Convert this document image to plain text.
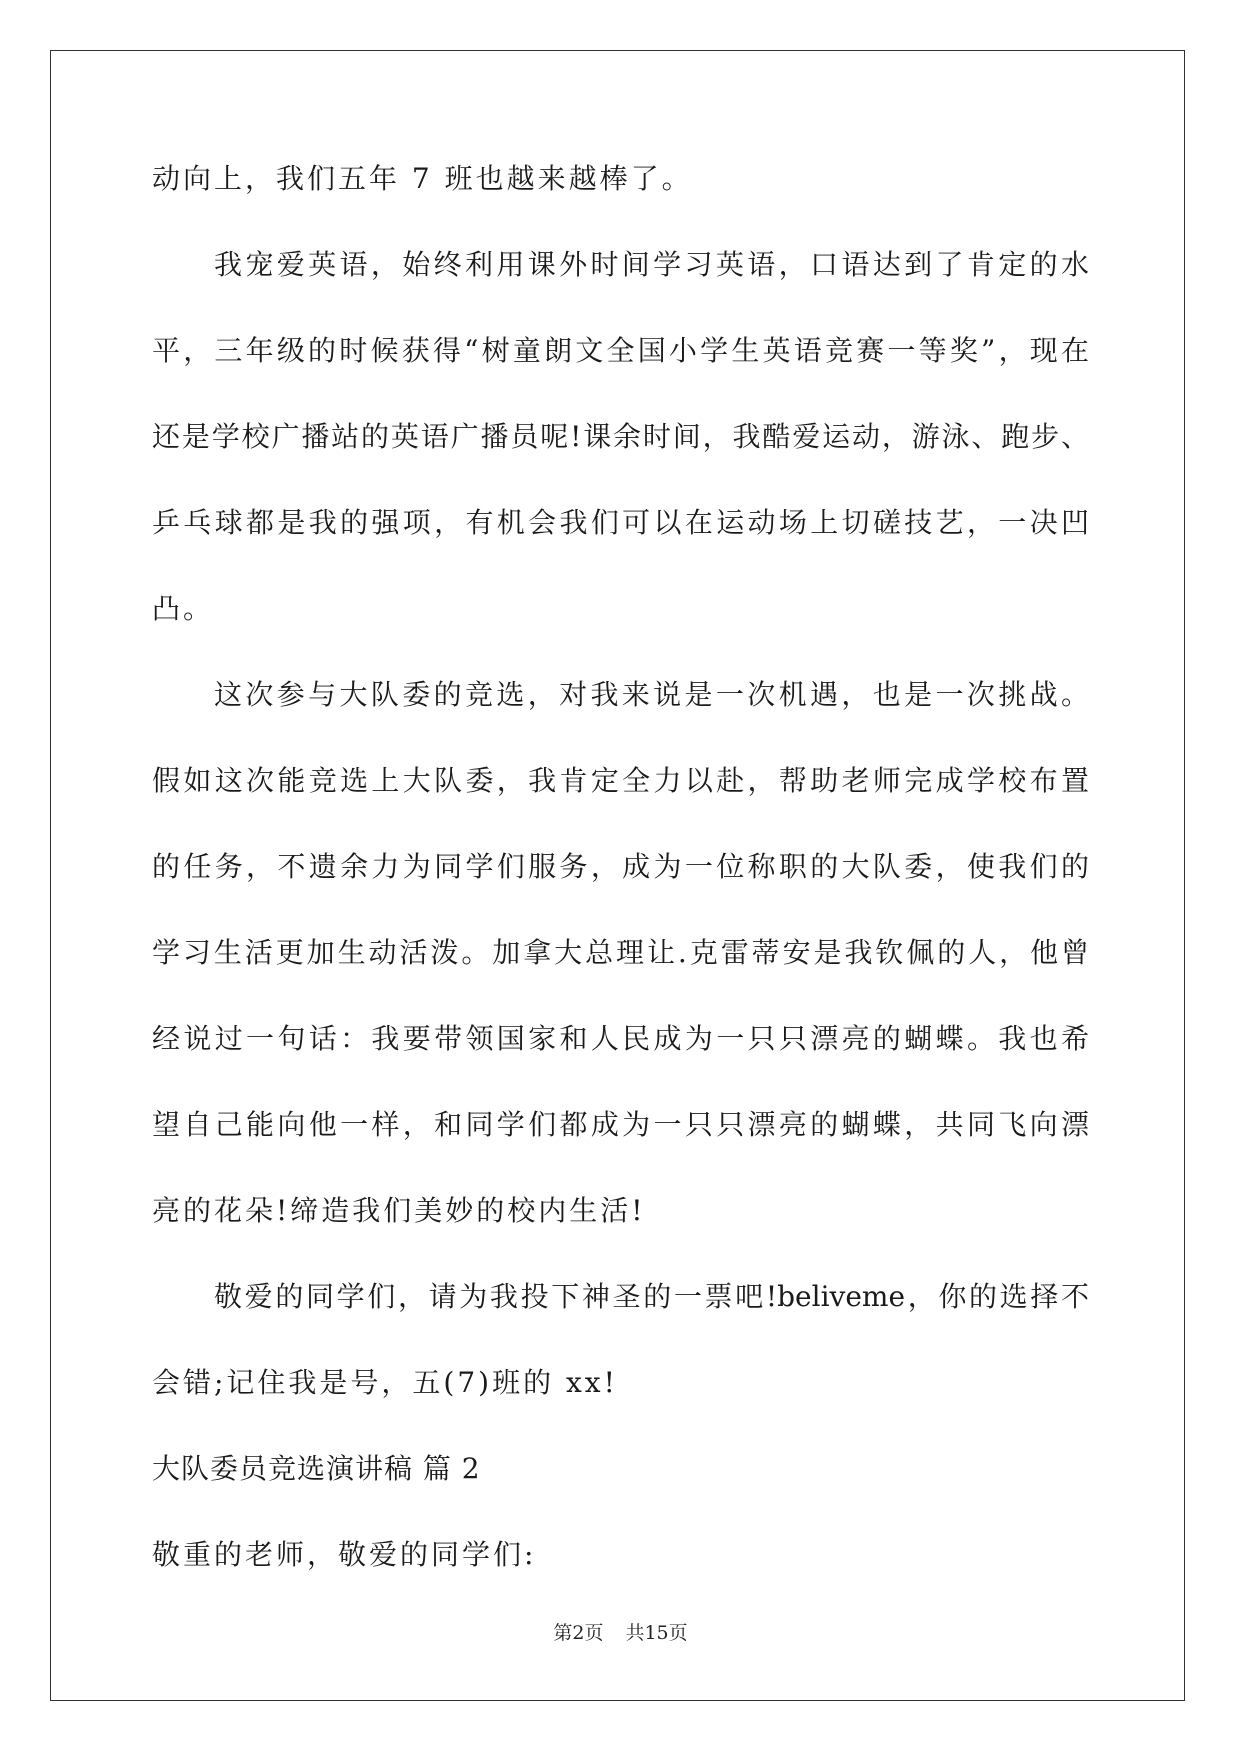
动向上，我们五年 7 班也越来越棒了。
我宠爱英语，始终利用课外时间学习英语，口语达到了肯定的水
平，三年级的时候获得“树童朗文全国小学生英语竞赛一等奖”，现在
还是学校广播站的英语广播员呢!课余时间，我酷爱运动，游泳、跑步、
乒乓球都是我的强项，有机会我们可以在运动场上切磋技艺，一决凹
凸。
这次参与大队委的竞选，对我来说是一次机遇，也是一次挑战。
假如这次能竞选上大队委，我肯定全力以赴，帮助老师完成学校布置
的任务，不遗余力为同学们服务，成为一位称职的大队委，使我们的
学习生活更加生动活泼。加拿大总理让.克雷蒂安是我钦佩的人，他曾
经说过一句话：我要带领国家和人民成为一只只漂亮的蝴蝶。我也希
望自己能向他一样，和同学们都成为一只只漂亮的蝴蝶，共同飞向漂
亮的花朵!缔造我们美妙的校内生活!
敬爱的同学们，请为我投下神圣的一票吧!beliveme，你的选择不
会错;记住我是号，五(7)班的 xx!
大队委员竞选演讲稿 篇 2
敬重的老师，敬爱的同学们:
第2页 共15页
